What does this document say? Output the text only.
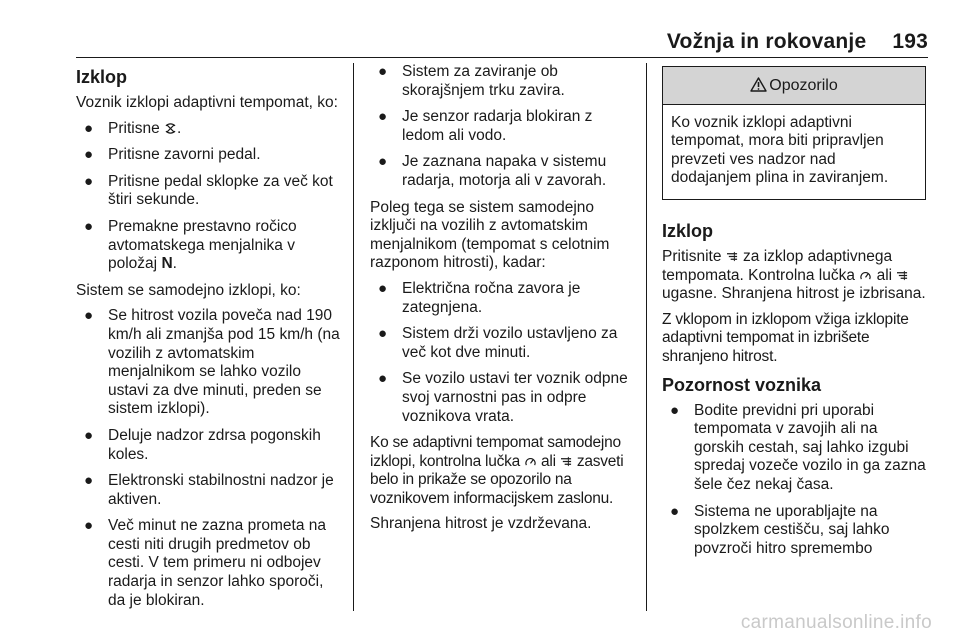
Vožnja in rokovanje 193
Izklop

Voznik izklopi adaptivni tempomat, ko:

● Pritisne .
● Pritisne zavorni pedal.
● Pritisne pedal sklopke za več kot štiri sekunde.
● Premakne prestavno ročico avtomatskega menjalnika v položaj N.

Sistem se samodejno izklopi, ko:

● Se hitrost vozila poveča nad 190 km/h ali zmanjša pod 15 km/h (na vozilih z avtomatskim menjalnikom se lahko vozilo ustavi za dve minuti, preden se sistem izklopi).
● Deluje nadzor zdrsa pogonskih koles.
● Elektronski stabilnostni nadzor je aktiven.
● Več minut ne zazna prometa na cesti niti drugih predmetov ob cesti. V tem primeru ni odbojev radarja in senzor lahko sporoči, da je blokiran.
● Sistem za zaviranje ob skorajšnjem trku zavira.
● Je senzor radarja blokiran z ledom ali vodo.
● Je zaznana napaka v sistemu radarja, motorja ali v zavorah.

Poleg tega se sistem samodejno izključi na vozilih z avtomatskim menjalnikom (tempomat s celotnim razponom hitrosti), kadar:

● Električna ročna zavora je zategnjena.
● Sistem drži vozilo ustavljeno za več kot dve minuti.
● Se vozilo ustavi ter voznik odpne svoj varnostni pas in odpre voznikova vrata.

Ko se adaptivni tempomat samodejno izklopi, kontrolna lučka  ali  zasveti belo in prikaže se opozorilo na voznikovem informacijskem zaslonu.

Shranjena hitrost je vzdrževana.

Opozorilo
Ko voznik izklopi adaptivni tempomat, mora biti pripravljen prevzeti ves nadzor nad dodajanjem plina in zaviranjem.
Izklop

Pritisnite  za izklop adaptivnega tempomata. Kontrolna lučka  ali  ugasne. Shranjena hitrost je izbrisana.

Z vklopom in izklopom vžiga izklopite adaptivni tempomat in izbrišete shranjeno hitrost.

Pozornost voznika
● Bodite previdni pri uporabi tempomata v zavojih ali na gorskih cestah, saj lahko izgubi spredaj vozeče vozilo in ga zazna šele čez nekaj časa.
● Sistema ne uporabljajte na spolzkem cestišču, saj lahko povzroči hitro spremembo
carmanualsonline.info
